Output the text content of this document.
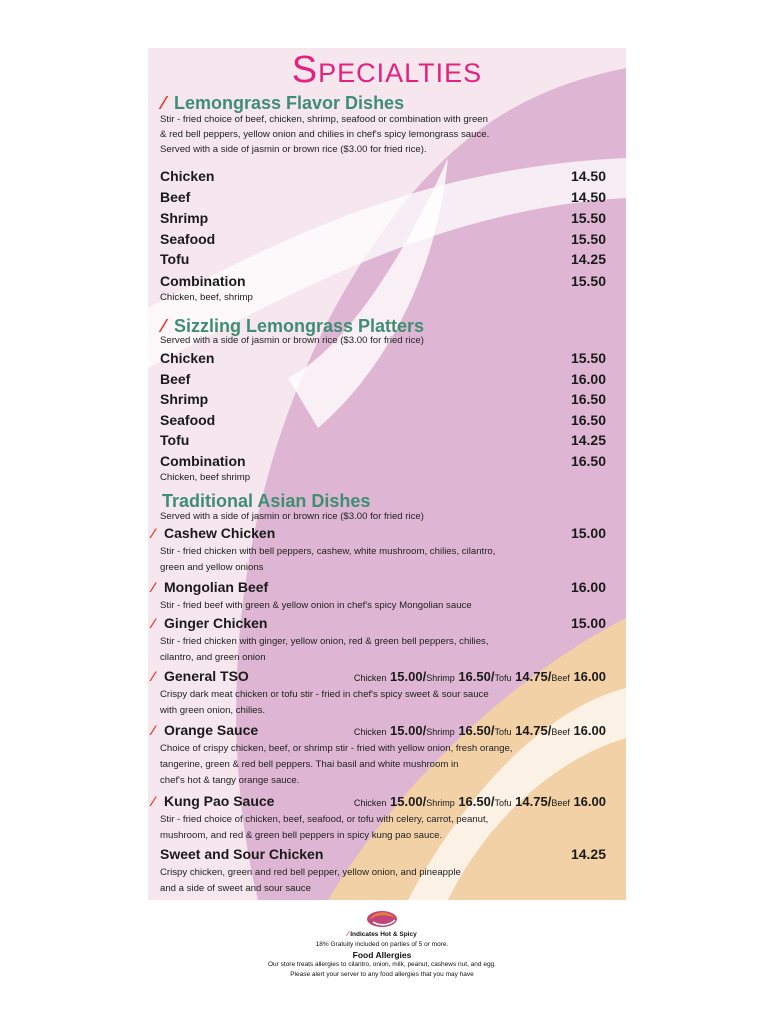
Specialties
⁄ Lemongrass Flavor Dishes
Stir - fried choice of beef, chicken, shrimp, seafood or combination with green
& red bell peppers, yellow onion and chilies in chef's spicy lemongrass sauce.
Served with a side of jasmin or brown rice ($3.00 for fried rice).
Chicken	14.50
Beef	14.50
Shrimp	15.50
Seafood	15.50
Tofu	14.25
Combination	15.50
Chicken, beef, shrimp
⁄ Sizzling Lemongrass Platters
Served with a side of jasmin or brown rice ($3.00 for fried rice)
Chicken	15.50
Beef	16.00
Shrimp	16.50
Seafood	16.50
Tofu	14.25
Combination	16.50
Chicken, beef shrimp
Traditional Asian Dishes
Served with a side of jasmin or brown rice ($3.00 for fried rice)
⁄ Cashew Chicken	15.00
Stir - fried chicken with bell peppers, cashew, white mushroom, chilies, cilantro,
green and yellow onions
⁄ Mongolian Beef	16.00
Stir - fried beef with green & yellow onion in chef's spicy Mongolian sauce
⁄ Ginger Chicken	15.00
Stir - fried chicken with ginger, yellow onion, red & green bell peppers, chilies,
cilantro, and green onion
⁄ General TSO	Chicken 15.00/Shrimp 16.50/Tofu 14.75/Beef 16.00
Crispy dark meat chicken or tofu stir - fried in chef's spicy sweet & sour sauce
with green onion, chilies.
⁄ Orange Sauce	Chicken 15.00/Shrimp 16.50/Tofu 14.75/Beef 16.00
Choice of crispy chicken, beef, or shrimp stir - fried with yellow onion, fresh orange,
tangerine, green & red bell peppers. Thai basil and white mushroom in
chef's hot & tangy orange sauce.
⁄ Kung Pao Sauce	Chicken 15.00/Shrimp 16.50/Tofu 14.75/Beef 16.00
Stir - fried choice of chicken, beef, seafood, or tofu with celery, carrot, peanut,
mushroom, and red & green bell peppers in spicy kung pao sauce.
Sweet and Sour Chicken	14.25
Crispy chicken, green and red bell pepper, yellow onion, and pineapple
and a side of sweet and sour sauce
⁄ Indicates Hot & Spicy
18% Gratuity included on parties of 5 or more.
Food Allergies
Our store treats allergies to cilantro, onion, milk, peanut, cashews nut, and egg.
Please alert your server to any food allergies that you may have
